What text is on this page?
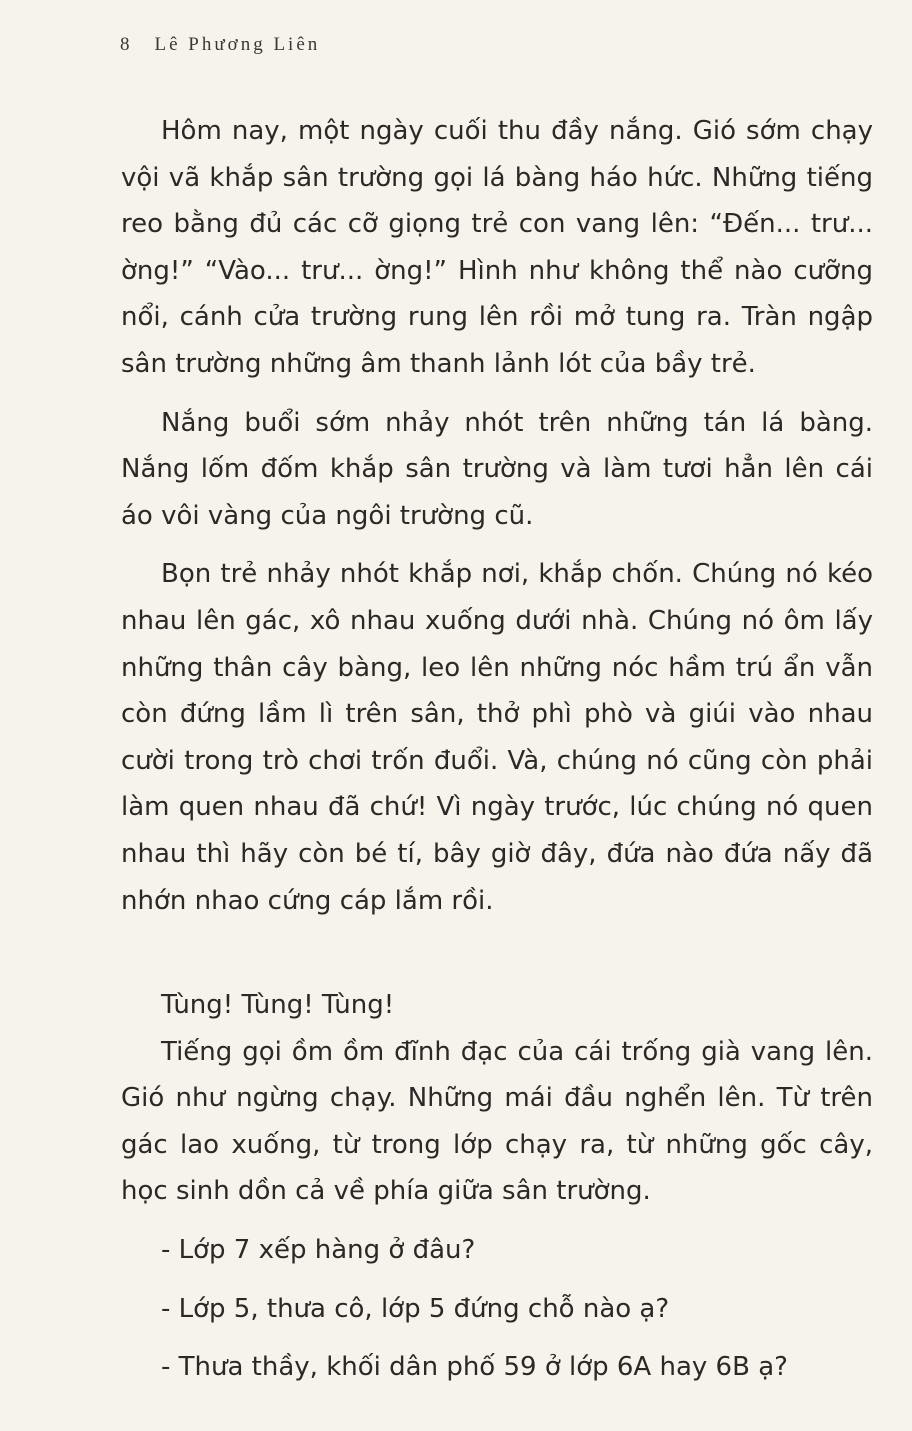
8 Lê Phương Liên

Hôm nay, một ngày cuối thu đầy nắng. Gió sớm chạy vội vã khắp sân trường gọi lá bàng háo hức. Những tiếng reo bằng đủ các cỡ giọng trẻ con vang lên: “Đến... trư... ờng!” “Vào... trư... ờng!” Hình như không thể nào cưỡng nổi, cánh cửa trường rung lên rồi mở tung ra. Tràn ngập sân trường những âm thanh lảnh lót của bầy trẻ.

Nắng buổi sớm nhảy nhót trên những tán lá bàng. Nắng lốm đốm khắp sân trường và làm tươi hẳn lên cái áo vôi vàng của ngôi trường cũ.

Bọn trẻ nhảy nhót khắp nơi, khắp chốn. Chúng nó kéo nhau lên gác, xô nhau xuống dưới nhà. Chúng nó ôm lấy những thân cây bàng, leo lên những nóc hầm trú ẩn vẫn còn đứng lầm lì trên sân, thở phì phò và giúi vào nhau cười trong trò chơi trốn đuổi. Và, chúng nó cũng còn phải làm quen nhau đã chứ! Vì ngày trước, lúc chúng nó quen nhau thì hãy còn bé tí, bây giờ đây, đứa nào đứa nấy đã nhớn nhao cứng cáp lắm rồi.

Tùng! Tùng! Tùng!

Tiếng gọi ồm ồm đĩnh đạc của cái trống già vang lên. Gió như ngừng chạy. Những mái đầu nghển lên. Từ trên gác lao xuống, từ trong lớp chạy ra, từ những gốc cây, học sinh dồn cả về phía giữa sân trường.

- Lớp 7 xếp hàng ở đâu?

- Lớp 5, thưa cô, lớp 5 đứng chỗ nào ạ?

- Thưa thầy, khối dân phố 59 ở lớp 6A hay 6B ạ?
